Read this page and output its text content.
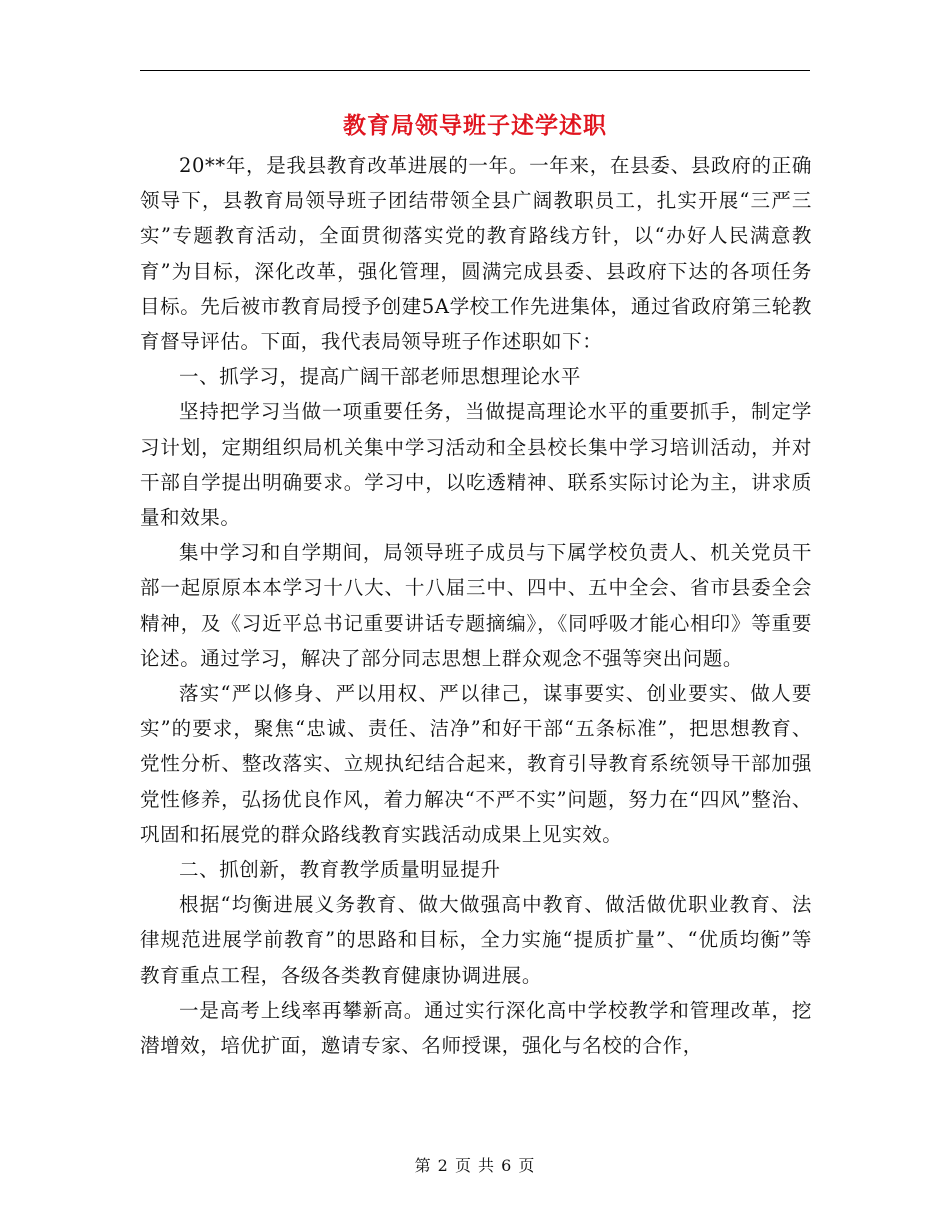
教育局领导班子述学述职

20**年，是我县教育改革进展的一年。一年来，在县委、县政府的正确领导下，县教育局领导班子团结带领全县广阔教职员工，扎实开展“三严三实”专题教育活动，全面贯彻落实党的教育路线方针，以“办好人民满意教育”为目标，深化改革，强化管理，圆满完成县委、县政府下达的各项任务目标。先后被市教育局授予创建5A学校工作先进集体，通过省政府第三轮教育督导评估。下面，我代表局领导班子作述职如下：

一、抓学习，提高广阔干部老师思想理论水平

坚持把学习当做一项重要任务，当做提高理论水平的重要抓手，制定学习计划，定期组织局机关集中学习活动和全县校长集中学习培训活动，并对干部自学提出明确要求。学习中，以吃透精神、联系实际讨论为主，讲求质量和效果。

集中学习和自学期间，局领导班子成员与下属学校负责人、机关党员干部一起原原本本学习十八大、十八届三中、四中、五中全会、省市县委全会精神，及《习近平总书记重要讲话专题摘编》，《同呼吸才能心相印》等重要论述。通过学习，解决了部分同志思想上群众观念不强等突出问题。

落实“严以修身、严以用权、严以律己，谋事要实、创业要实、做人要实”的要求，聚焦“忠诚、责任、洁净”和好干部“五条标准”，把思想教育、党性分析、整改落实、立规执纪结合起来，教育引导教育系统领导干部加强党性修养，弘扬优良作风，着力解决“不严不实”问题，努力在“四风”整治、巩固和拓展党的群众路线教育实践活动成果上见实效。

二、抓创新，教育教学质量明显提升

根据“均衡进展义务教育、做大做强高中教育、做活做优职业教育、法律规范进展学前教育”的思路和目标，全力实施“提质扩量”、“优质均衡”等教育重点工程，各级各类教育健康协调进展。

一是高考上线率再攀新高。通过实行深化高中学校教学和管理改革，挖潜增效，培优扩面，邀请专家、名师授课，强化与名校的合作，

第 2 页 共 6 页
